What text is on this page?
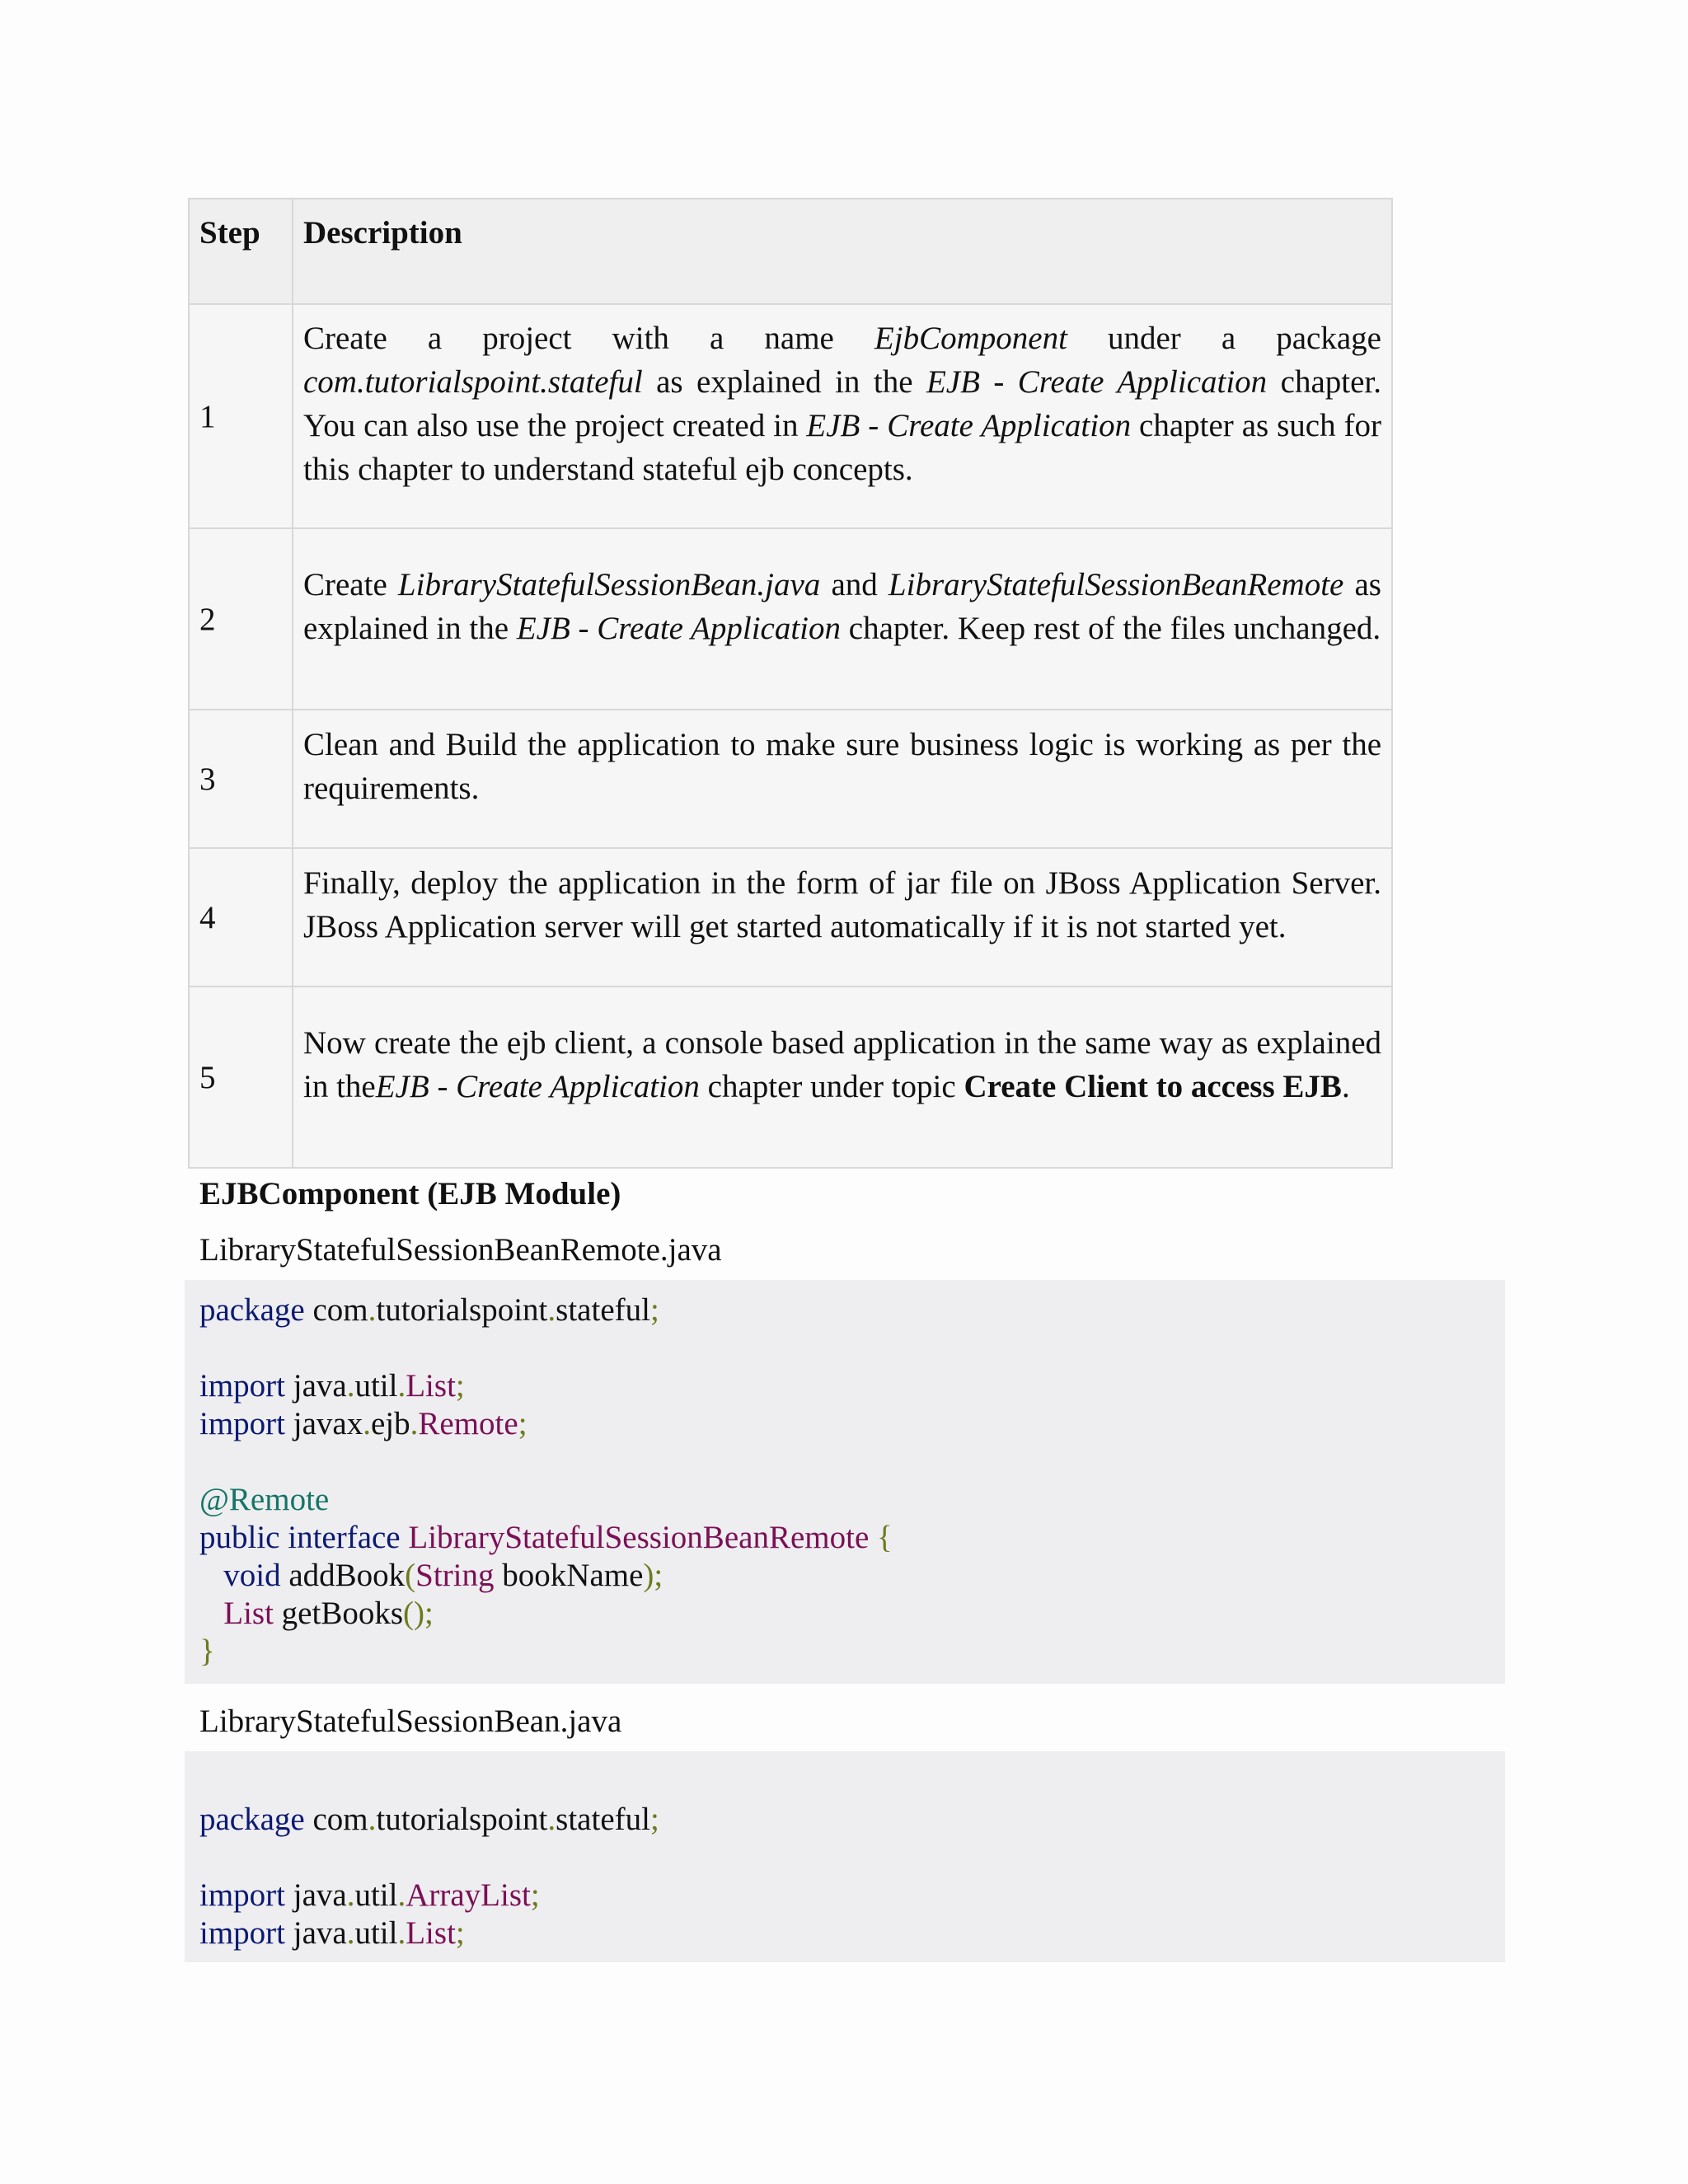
Step	Description
1	Create a project with a name EjbComponent under a package com.tutorialspoint.stateful as explained in the EJB - Create Application chapter. You can also use the project created in EJB - Create Application chapter as such for this chapter to understand stateful ejb concepts.
2	Create LibraryStatefulSessionBean.java and LibraryStatefulSessionBeanRemote as explained in the EJB - Create Application chapter. Keep rest of the files unchanged.
3	Clean and Build the application to make sure business logic is working as per the requirements.
4	Finally, deploy the application in the form of jar file on JBoss Application Server. JBoss Application server will get started automatically if it is not started yet.
5	Now create the ejb client, a console based application in the same way as explained in theEJB - Create Application chapter under topic Create Client to access EJB.
EJBComponent (EJB Module)
LibraryStatefulSessionBeanRemote.java
package com.tutorialspoint.stateful;
import java.util.List;
import javax.ejb.Remote;
@Remote
public interface LibraryStatefulSessionBeanRemote {
void addBook(String bookName);
List getBooks();
}
LibraryStatefulSessionBean.java
package com.tutorialspoint.stateful;
import java.util.ArrayList;
import java.util.List;
